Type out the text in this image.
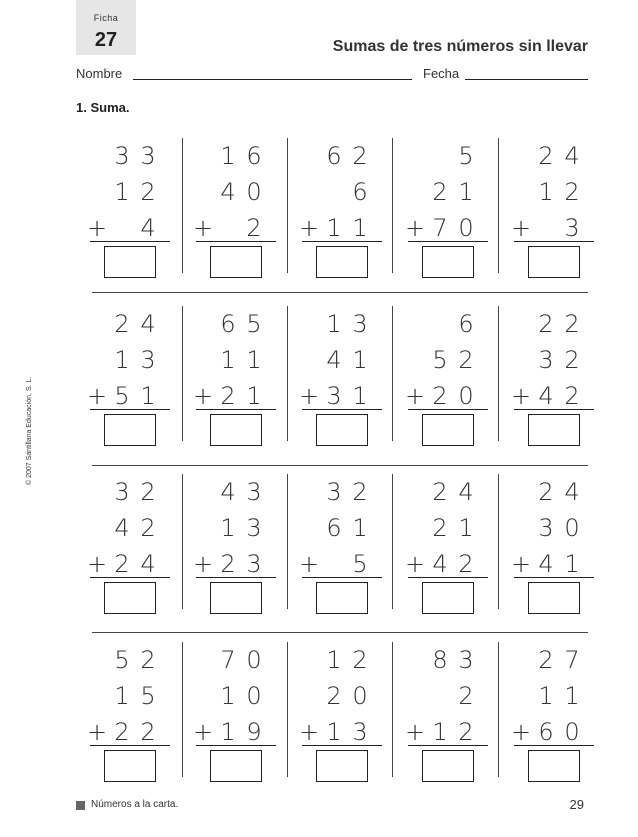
Ficha
27	Sumas de tres números sin llevar
Nombre	Fecha
1. Suma.
© 2007 Santillana Educación, S. L.
3 3
1 2
+ 4
1 6
4 0
+ 2
6 2
6
+ 1 1
5
2 1
+ 7 0
2 4
1 2
+ 3
2 4
1 3
+ 5 1
6 5
1 1
+ 2 1
1 3
4 1
+ 3 1
6
5 2
+ 2 0
2 2
3 2
+ 4 2
3 2
4 2
+ 2 4
4 3
1 3
+ 2 3
3 2
6 1
+ 5
2 4
2 1
+ 4 2
2 4
3 0
+ 4 1
5 2
1 5
+ 2 2
7 0
1 0
+ 1 9
1 2
2 0
+ 1 3
8 3
2
+ 1 2
2 7
1 1
+ 6 0
Números a la carta.	29
